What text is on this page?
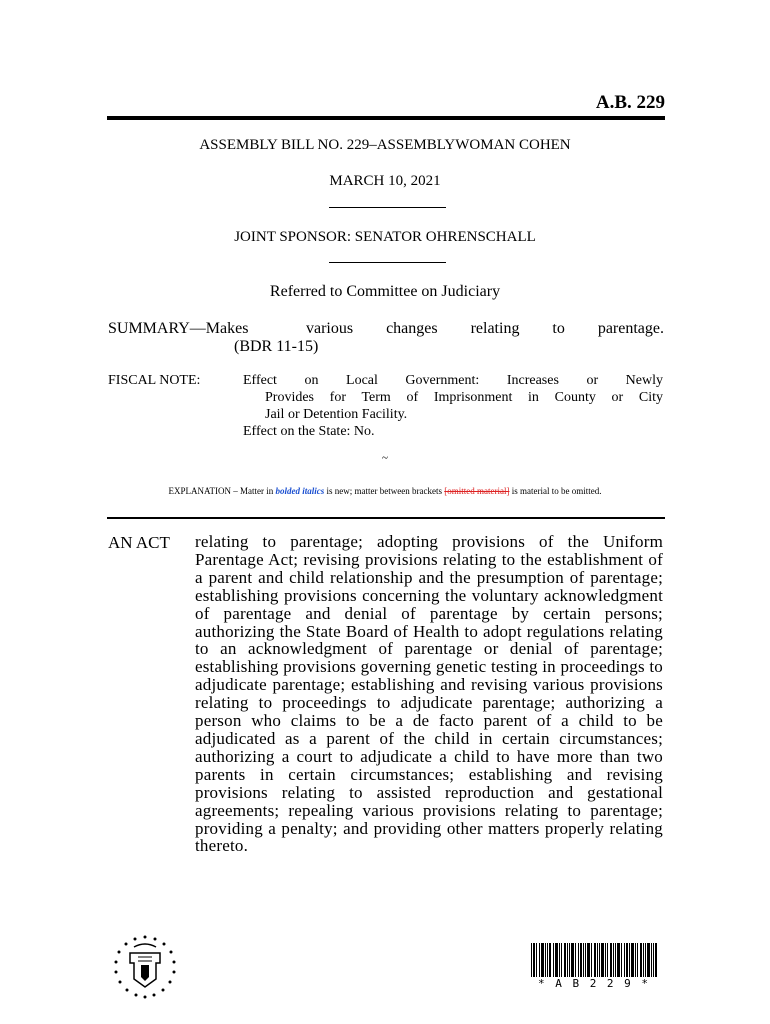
A.B. 229
ASSEMBLY BILL NO. 229–ASSEMBLYWOMAN COHEN
MARCH 10, 2021
JOINT SPONSOR: SENATOR OHRENSCHALL
Referred to Committee on Judiciary
SUMMARY—Makes	various changes relating to parentage.
(BDR 11-15)
FISCAL NOTE:	Effect on Local Government: Increases or Newly
Provides for Term of Imprisonment in County or City
Jail or Detention Facility.
Effect on the State: No.
~
EXPLANATION – Matter in bolded italics is new; matter between brackets [omitted material] is material to be omitted.
AN ACT relating to parentage; adopting provisions of the Uniform Parentage Act; revising provisions relating to the establishment of a parent and child relationship and the presumption of parentage; establishing provisions concerning the voluntary acknowledgment of parentage and denial of parentage by certain persons; authorizing the State Board of Health to adopt regulations relating to an acknowledgment of parentage or denial of parentage; establishing provisions governing genetic testing in proceedings to adjudicate parentage; establishing and revising various provisions relating to proceedings to adjudicate parentage; authorizing a person who claims to be a de facto parent of a child to be adjudicated as a parent of the child in certain circumstances; authorizing a court to adjudicate a child to have more than two parents in certain circumstances; establishing and revising provisions relating to assisted reproduction and gestational agreements; repealing various provisions relating to parentage; providing a penalty; and providing other matters properly relating thereto.
* A B 2 2 9 *
